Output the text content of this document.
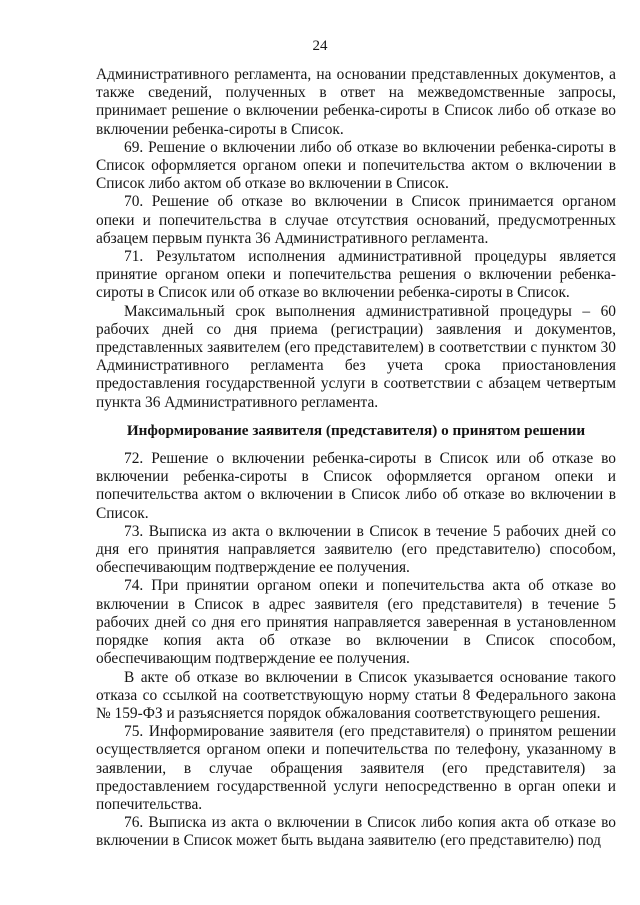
24

Административного регламента, на основании представленных документов, а также сведений, полученных в ответ на межведомственные запросы, принимает решение о включении ребенка-сироты в Список либо об отказе во включении ребенка-сироты в Список.

69. Решение о включении либо об отказе во включении ребенка-сироты в Список оформляется органом опеки и попечительства актом о включении в Список либо актом об отказе во включении в Список.

70. Решение об отказе во включении в Список принимается органом опеки и попечительства в случае отсутствия оснований, предусмотренных абзацем первым пункта 36 Административного регламента.

71. Результатом исполнения административной процедуры является принятие органом опеки и попечительства решения о включении ребенка-сироты в Список или об отказе во включении ребенка-сироты в Список.

Максимальный срок выполнения административной процедуры – 60 рабочих дней со дня приема (регистрации) заявления и документов, представленных заявителем (его представителем) в соответствии с пунктом 30 Административного регламента без учета срока приостановления предоставления государственной услуги в соответствии с абзацем четвертым пункта 36 Административного регламента.

Информирование заявителя (представителя) о принятом решении

72. Решение о включении ребенка-сироты в Список или об отказе во включении ребенка-сироты в Список оформляется органом опеки и попечительства актом о включении в Список либо об отказе во включении в Список.

73. Выписка из акта о включении в Список в течение 5 рабочих дней со дня его принятия направляется заявителю (его представителю) способом, обеспечивающим подтверждение ее получения.

74. При принятии органом опеки и попечительства акта об отказе во включении в Список в адрес заявителя (его представителя) в течение 5 рабочих дней со дня его принятия направляется заверенная в установленном порядке копия акта об отказе во включении в Список способом, обеспечивающим подтверждение ее получения.

В акте об отказе во включении в Список указывается основание такого отказа со ссылкой на соответствующую норму статьи 8 Федерального закона № 159-ФЗ и разъясняется порядок обжалования соответствующего решения.

75. Информирование заявителя (его представителя) о принятом решении осуществляется органом опеки и попечительства по телефону, указанному в заявлении, в случае обращения заявителя (его представителя) за предоставлением государственной услуги непосредственно в орган опеки и попечительства.

76. Выписка из акта о включении в Список либо копия акта об отказе во включении в Список может быть выдана заявителю (его представителю) под
